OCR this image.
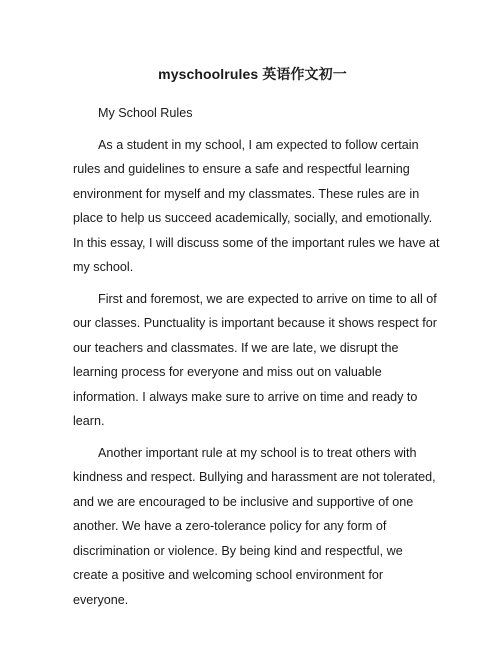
myschoolrules 英语作文初一
My School Rules
As a student in my school, I am expected to follow certain
rules and guidelines to ensure a safe and respectful learning
environment for myself and my classmates. These rules are in
place to help us succeed academically, socially, and emotionally.
In this essay, I will discuss some of the important rules we have at
my school.
First and foremost, we are expected to arrive on time to all of
our classes. Punctuality is important because it shows respect for
our teachers and classmates. If we are late, we disrupt the
learning process for everyone and miss out on valuable
information. I always make sure to arrive on time and ready to
learn.
Another important rule at my school is to treat others with
kindness and respect. Bullying and harassment are not tolerated,
and we are encouraged to be inclusive and supportive of one
another. We have a zero-tolerance policy for any form of
discrimination or violence. By being kind and respectful, we
create a positive and welcoming school environment for
everyone.
